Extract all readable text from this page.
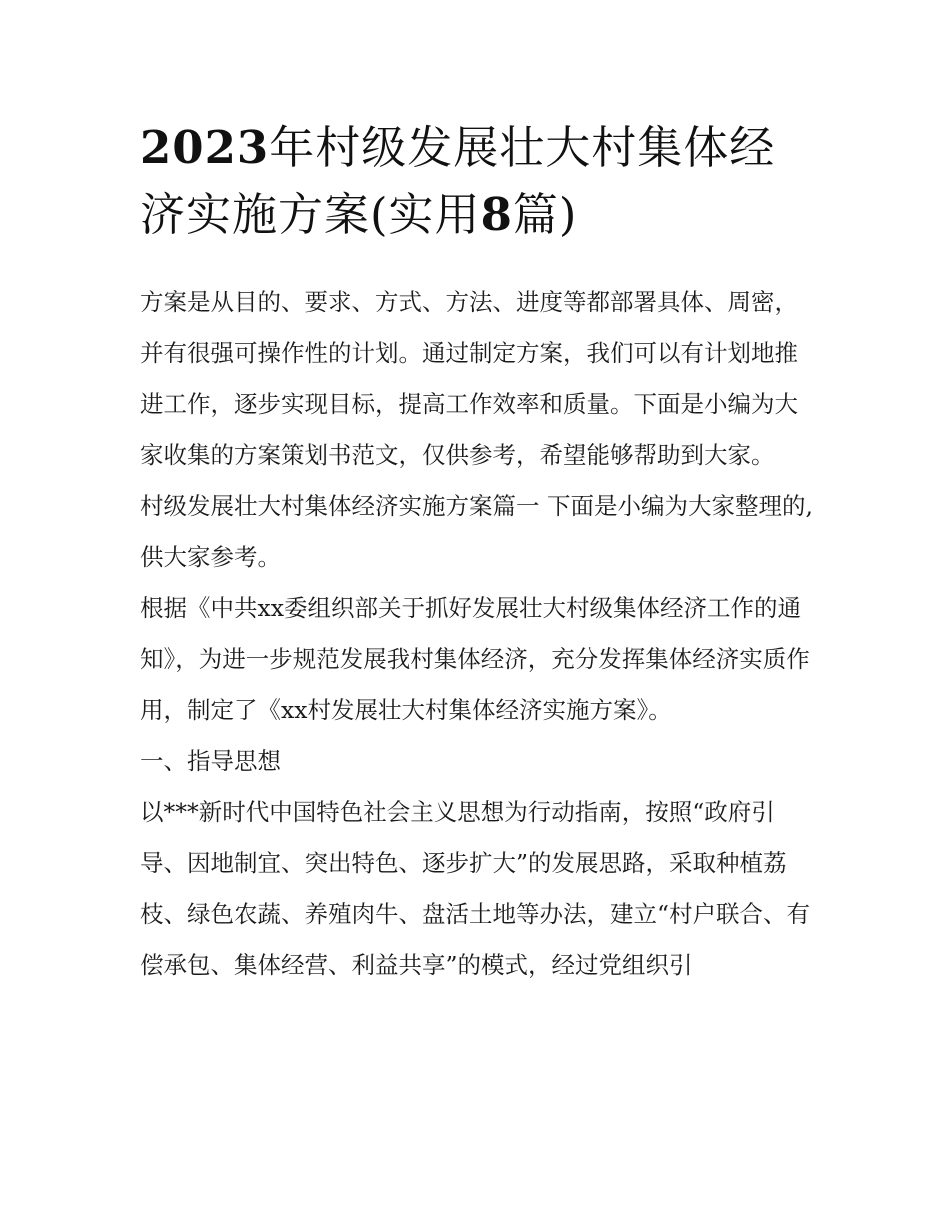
2023年村级发展壮大村集体经
济实施方案(实用8篇)

方案是从目的、要求、方式、方法、进度等都部署具体、周密，并有很强可操作性的计划。通过制定方案，我们可以有计划地推进工作，逐步实现目标，提高工作效率和质量。下面是小编为大家收集的方案策划书范文，仅供参考，希望能够帮助到大家。

村级发展壮大村集体经济实施方案篇一 下面是小编为大家整理的,供大家参考。

根据《中共xx委组织部关于抓好发展壮大村级集体经济工作的通知》，为进一步规范发展我村集体经济，充分发挥集体经济实质作用，制定了《xx村发展壮大村集体经济实施方案》。

一、指导思想

以***新时代中国特色社会主义思想为行动指南，按照“政府引导、因地制宜、突出特色、逐步扩大”的发展思路，采取种植荔枝、绿色农蔬、养殖肉牛、盘活土地等办法，建立“村户联合、有偿承包、集体经营、利益共享”的模式，经过党组织引
